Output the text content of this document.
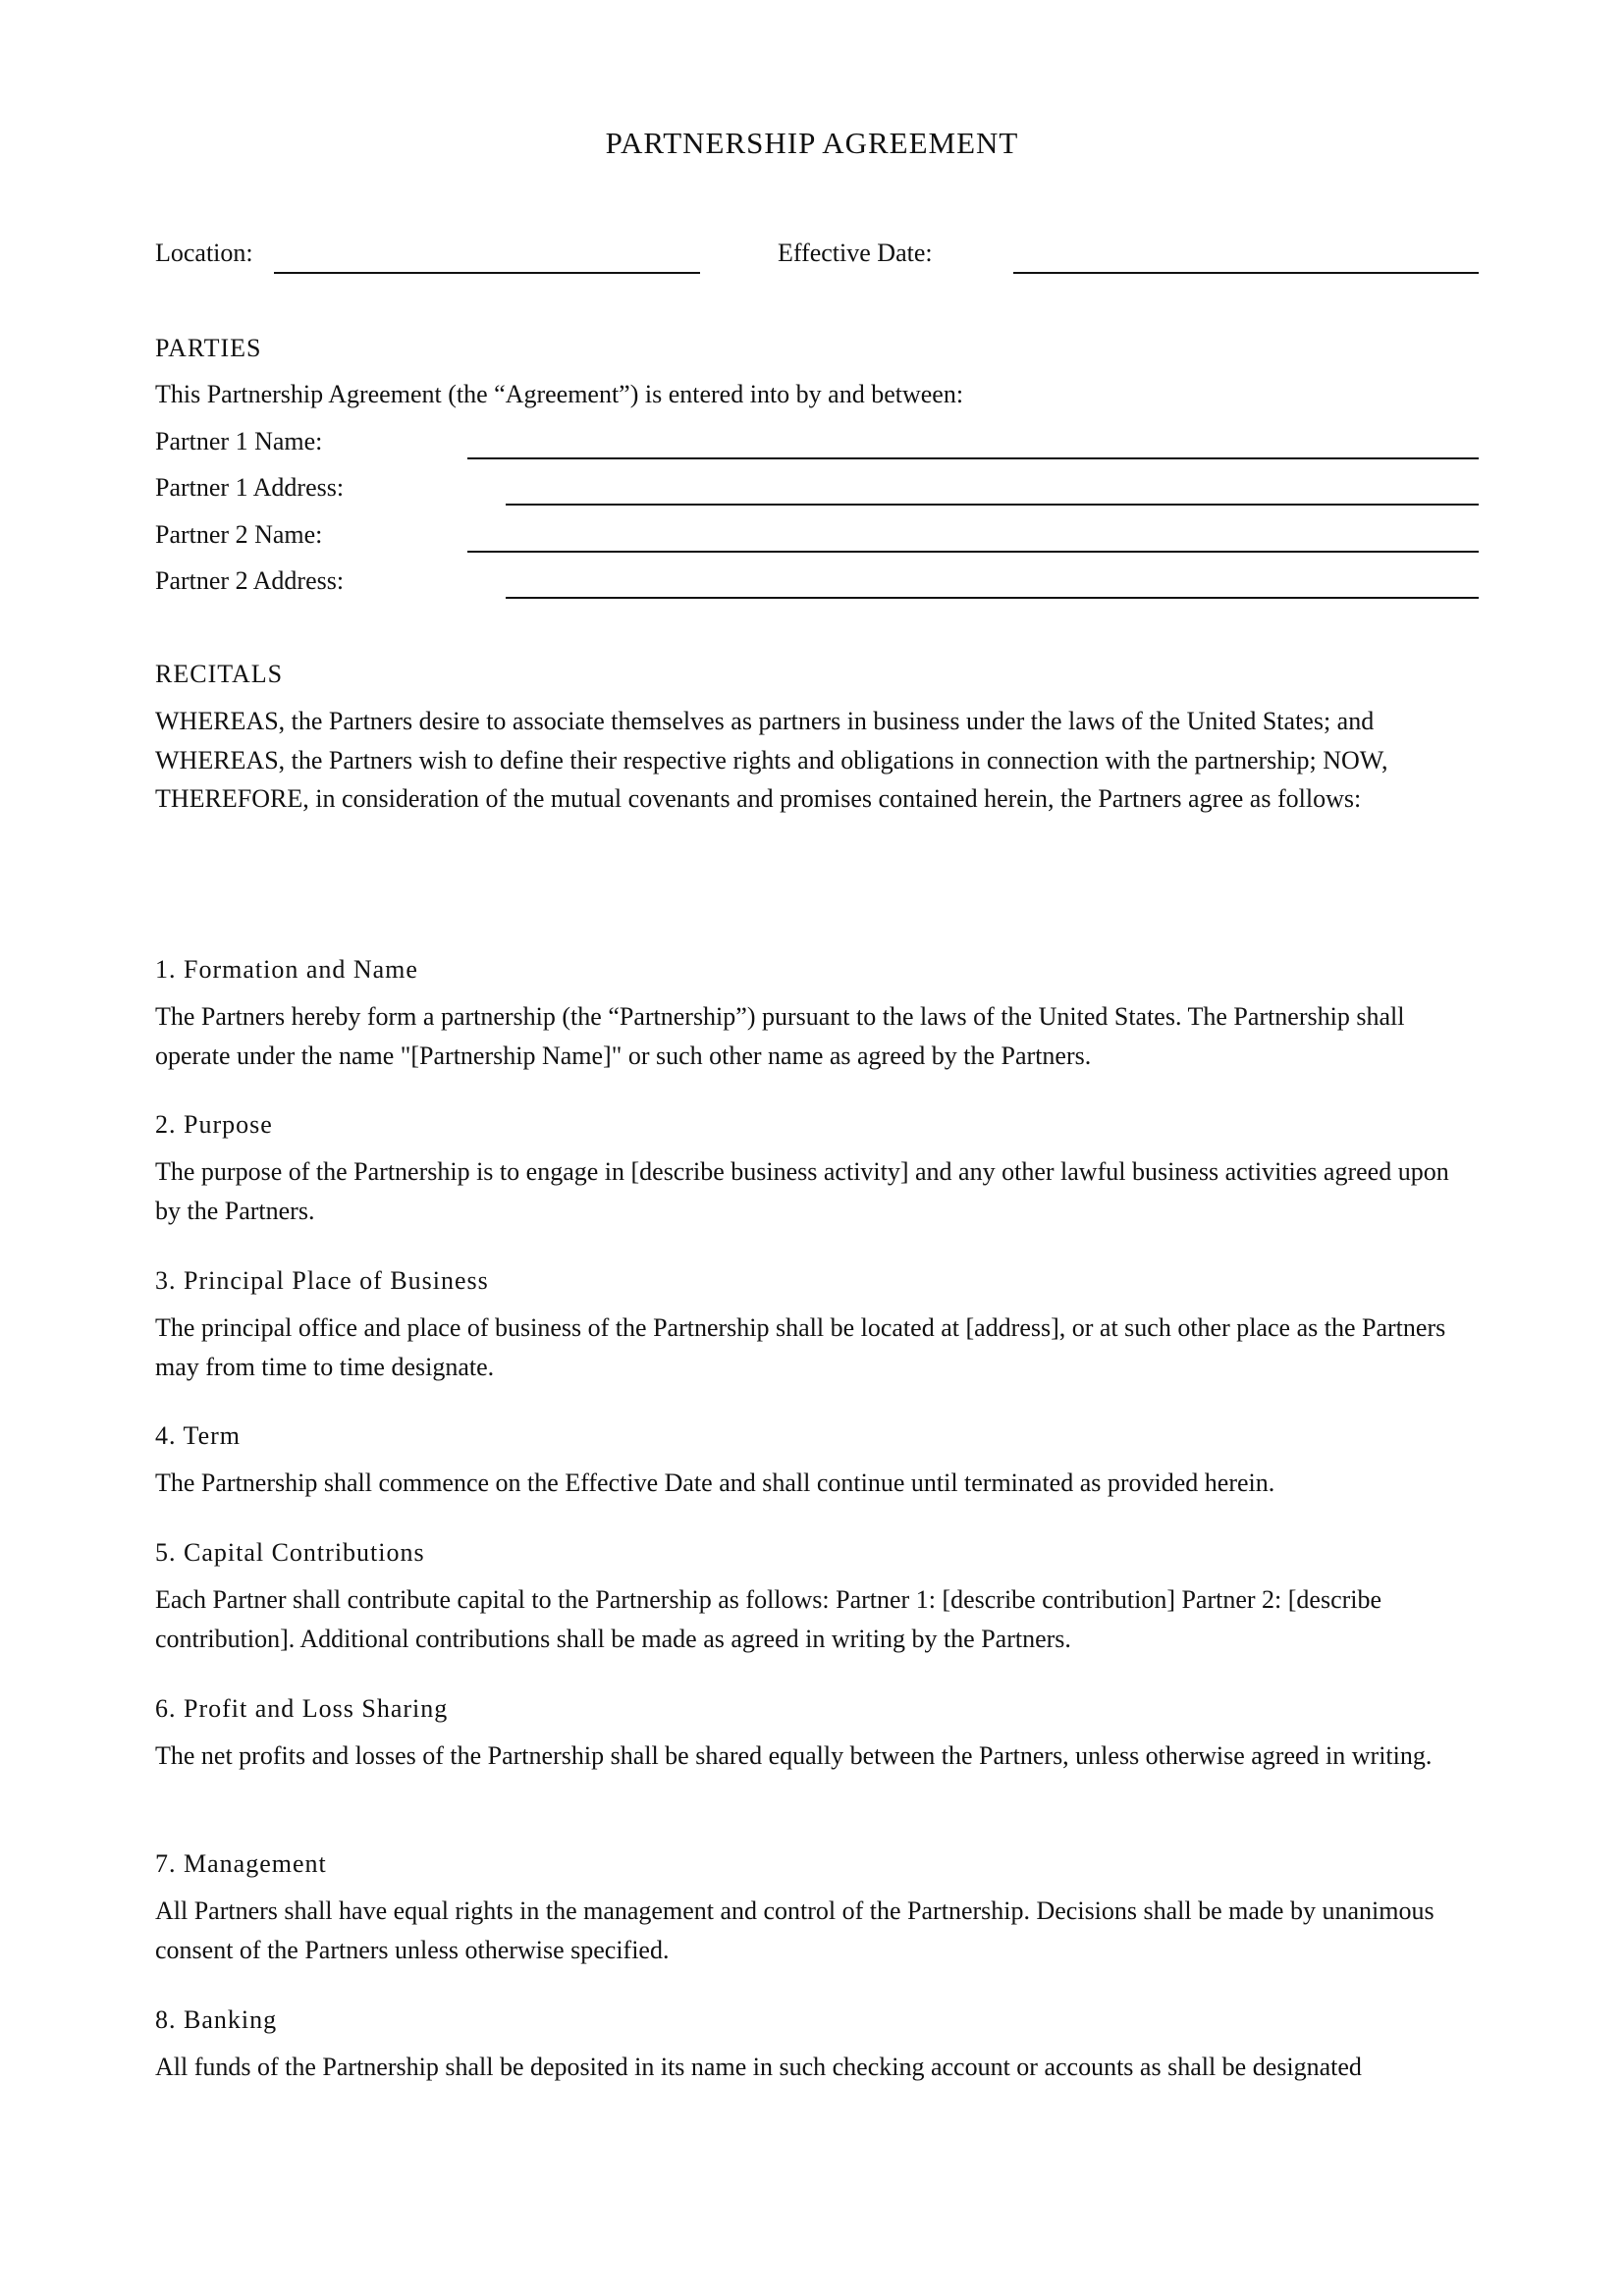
PARTNERSHIP AGREEMENT
Location:	Effective Date:
PARTIES
This Partnership Agreement (the “Agreement”) is entered into by and between:
Partner 1 Name:
Partner 1 Address:
Partner 2 Name:
Partner 2 Address:
RECITALS
WHEREAS, the Partners desire to associate themselves as partners in business under the laws of the United States; and WHEREAS, the Partners wish to define their respective rights and obligations in connection with the partnership; NOW, THEREFORE, in consideration of the mutual covenants and promises contained herein, the Partners agree as follows:
1. Formation and Name
The Partners hereby form a partnership (the “Partnership”) pursuant to the laws of the United States. The Partnership shall operate under the name "[Partnership Name]" or such other name as agreed by the Partners.
2. Purpose
The purpose of the Partnership is to engage in [describe business activity] and any other lawful business activities agreed upon by the Partners.
3. Principal Place of Business
The principal office and place of business of the Partnership shall be located at [address], or at such other place as the Partners may from time to time designate.
4. Term
The Partnership shall commence on the Effective Date and shall continue until terminated as provided herein.
5. Capital Contributions
Each Partner shall contribute capital to the Partnership as follows: Partner 1: [describe contribution] Partner 2: [describe contribution]. Additional contributions shall be made as agreed in writing by the Partners.
6. Profit and Loss Sharing
The net profits and losses of the Partnership shall be shared equally between the Partners, unless otherwise agreed in writing.
7. Management
All Partners shall have equal rights in the management and control of the Partnership. Decisions shall be made by unanimous consent of the Partners unless otherwise specified.
8. Banking
All funds of the Partnership shall be deposited in its name in such checking account or accounts as shall be designated
